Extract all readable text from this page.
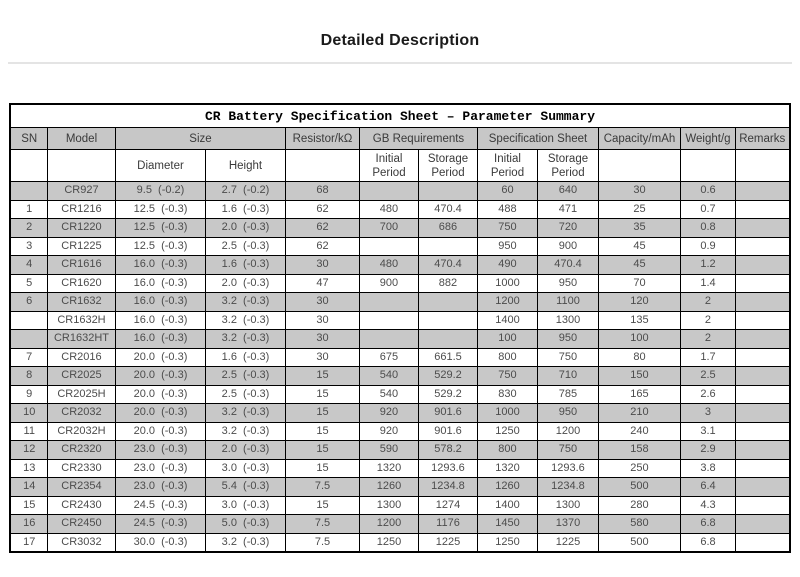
Detailed Description
CR Battery Specification Sheet – Parameter Summary											
SN	Model	Size		Resistor/kΩ	GB Requirements		Specification Sheet		Capacity/mAh	Weight/g	Remarks
		Diameter	Height		Initial Period	Storage Period	Initial Period	Storage Period			
	CR927	9.5  (-0.2)	2.7  (-0.2)	68			60	640	30	0.6	
1	CR1216	12.5  (-0.3)	1.6  (-0.3)	62	480	470.4	488	471	25	0.7	
2	CR1220	12.5  (-0.3)	2.0  (-0.3)	62	700	686	750	720	35	0.8	
3	CR1225	12.5  (-0.3)	2.5  (-0.3)	62			950	900	45	0.9	
4	CR1616	16.0  (-0.3)	1.6  (-0.3)	30	480	470.4	490	470.4	45	1.2	
5	CR1620	16.0  (-0.3)	2.0  (-0.3)	47	900	882	1000	950	70	1.4	
6	CR1632	16.0  (-0.3)	3.2  (-0.3)	30			1200	1100	120	2	
	CR1632H	16.0  (-0.3)	3.2  (-0.3)	30			1400	1300	135	2	
	CR1632HT	16.0  (-0.3)	3.2  (-0.3)	30			100	950	100	2	
7	CR2016	20.0  (-0.3)	1.6  (-0.3)	30	675	661.5	800	750	80	1.7	
8	CR2025	20.0  (-0.3)	2.5  (-0.3)	15	540	529.2	750	710	150	2.5	
9	CR2025H	20.0  (-0.3)	2.5  (-0.3)	15	540	529.2	830	785	165	2.6	
10	CR2032	20.0  (-0.3)	3.2  (-0.3)	15	920	901.6	1000	950	210	3	
11	CR2032H	20.0  (-0.3)	3.2  (-0.3)	15	920	901.6	1250	1200	240	3.1	
12	CR2320	23.0  (-0.3)	2.0  (-0.3)	15	590	578.2	800	750	158	2.9	
13	CR2330	23.0  (-0.3)	3.0  (-0.3)	15	1320	1293.6	1320	1293.6	250	3.8	
14	CR2354	23.0  (-0.3)	5.4  (-0.3)	7.5	1260	1234.8	1260	1234.8	500	6.4	
15	CR2430	24.5  (-0.3)	3.0  (-0.3)	15	1300	1274	1400	1300	280	4.3	
16	CR2450	24.5  (-0.3)	5.0  (-0.3)	7.5	1200	1176	1450	1370	580	6.8	
17	CR3032	30.0  (-0.3)	3.2  (-0.3)	7.5	1250	1225	1250	1225	500	6.8	
